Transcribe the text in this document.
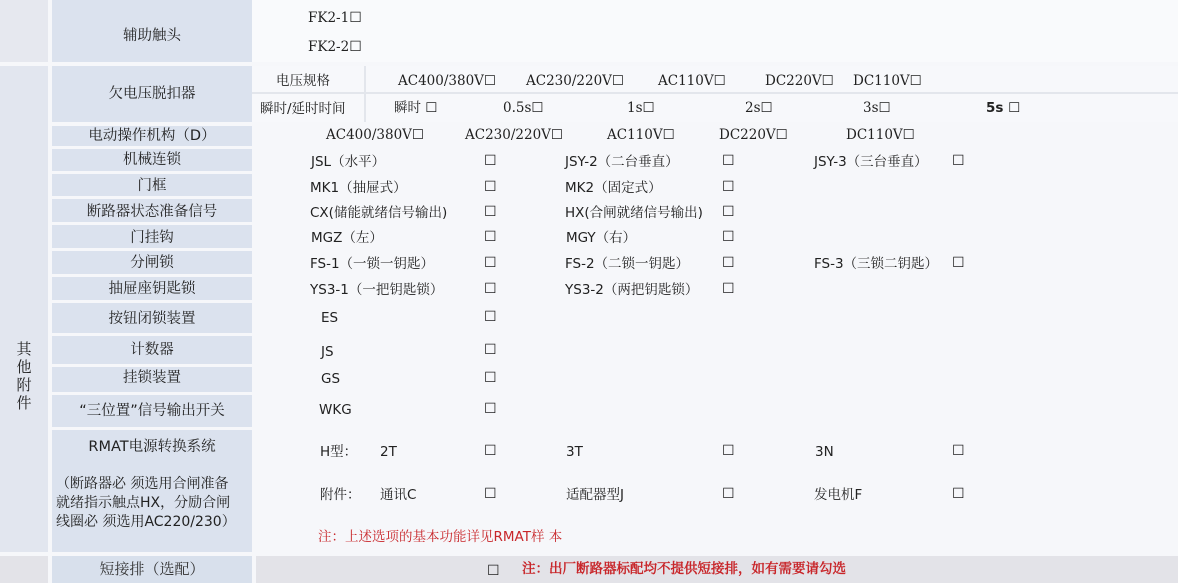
辅助触头
FK2-1☐
FK2-2☐
其
他
附
件
欠电压脱扣器
电压规格	AC400/380V☐ AC230/220V☐	AC110V☐	DC220V☐ DC110V☐
瞬时/延时时间	瞬时 ☐	0.5s☐	1s☐	2s☐	3s☐	5s ☐
电动操作机构（D）	AC400/380V☐	AC230/220V☐	AC110V☐	DC220V☐	DC110V☐
机械连锁	JSL（水平）	☐	JSY-2（二台垂直）	☐	JSY-3（三台垂直） ☐
门框	MK1（抽屉式）	☐	MK2（固定式）	☐
断路器状态准备信号	CX(储能就绪信号输出)	☐	HX(合闸就绪信号输出) ☐
门挂钩	MGZ（左）	☐	MGY（右）	☐
分闸锁	FS-1（一锁一钥匙）	☐	FS-2（二锁一钥匙） ☐	FS-3（三锁二钥匙） ☐
抽屉座钥匙锁	YS3-1（一把钥匙锁）	☐	YS3-2（两把钥匙锁） ☐
按钮闭锁装置	ES	☐
计数器	JS	☐
挂锁装置	GS	☐
“三位置”信号输出开关	WKG	☐
RMAT电源转换系统
（断路器必 须选用合闸准备
就绪指示触点HX，分励合闸
线圈必 须选用AC220/230）
H型： 2T	☐	3T	☐	3N	☐
附件： 通讯C	☐	适配器型J	☐	发电机F	☐
注：上述选项的基本功能详见RMAT样 本
短接排（选配）	☐ 注：出厂断路器标配均不提供短接排，如有需要请勾选
